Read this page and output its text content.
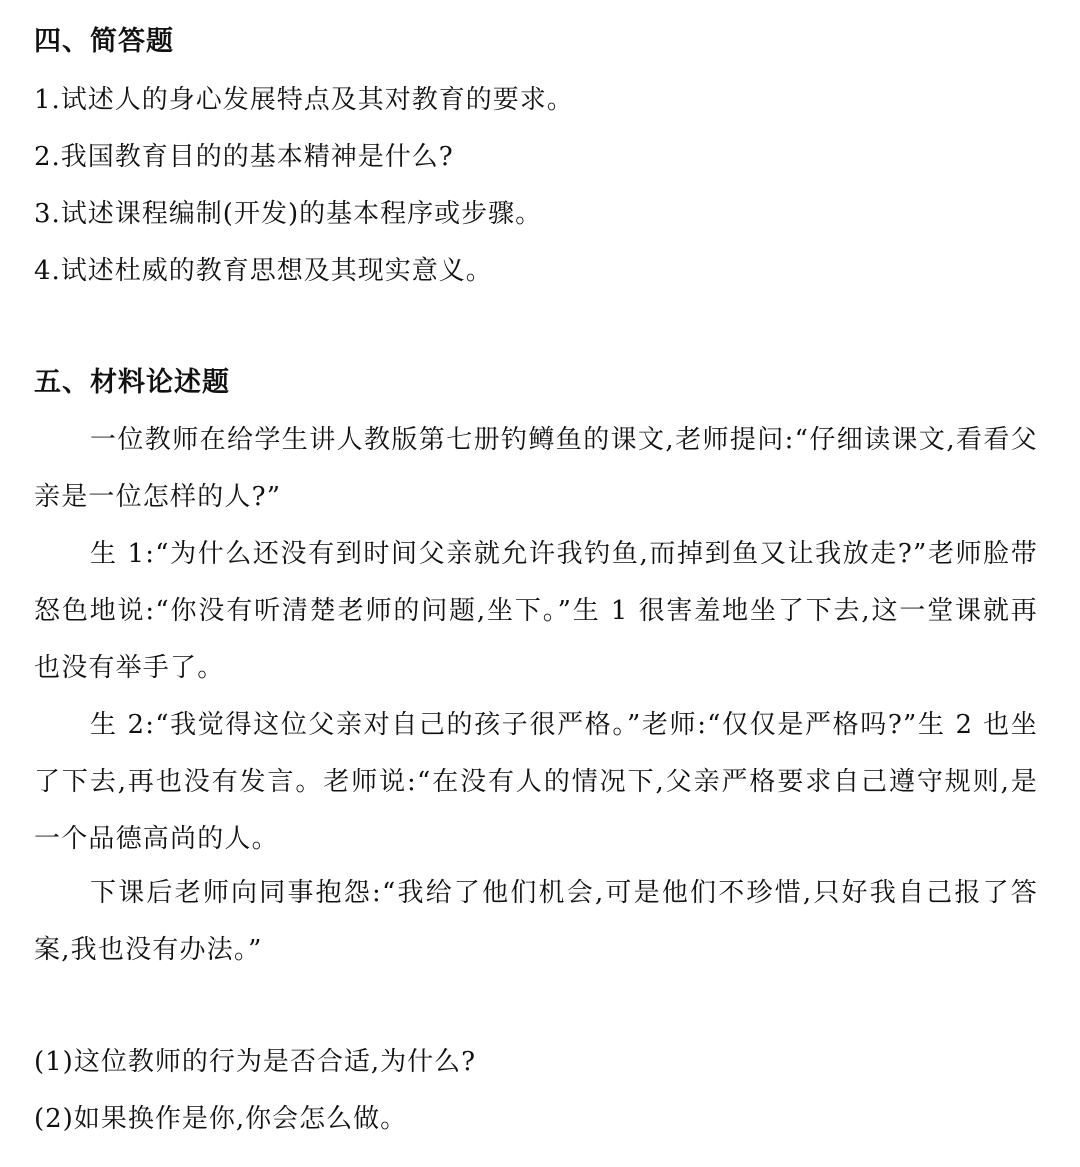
四、简答题

1.试述人的身心发展特点及其对教育的要求。

2.我国教育目的的基本精神是什么?

3.试述课程编制(开发)的基本程序或步骤。

4.试述杜威的教育思想及其现实意义。

五、材料论述题

一位教师在给学生讲人教版第七册钓鳟鱼的课文,老师提问:“仔细读课文,看看父亲是一位怎样的人?”

生 1:“为什么还没有到时间父亲就允许我钓鱼,而掉到鱼又让我放走?”老师脸带怒色地说:“你没有听清楚老师的问题,坐下。”生 1 很害羞地坐了下去,这一堂课就再也没有举手了。

生 2:“我觉得这位父亲对自己的孩子很严格。”老师:“仅仅是严格吗?”生 2 也坐了下去,再也没有发言。老师说:“在没有人的情况下,父亲严格要求自己遵守规则,是一个品德高尚的人。

下课后老师向同事抱怨:“我给了他们机会,可是他们不珍惜,只好我自己报了答案,我也没有办法。”

(1)这位教师的行为是否合适,为什么?

(2)如果换作是你,你会怎么做。
